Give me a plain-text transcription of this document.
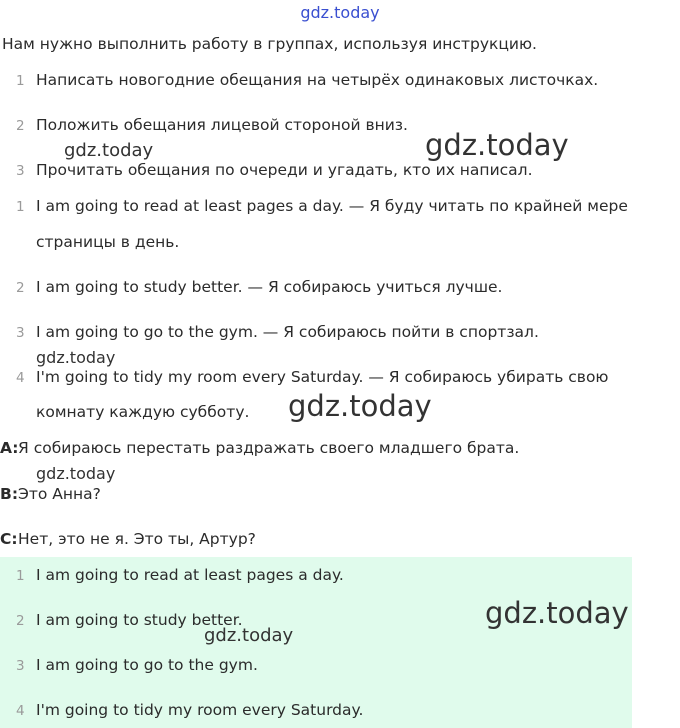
gdz.today
Нам нужно выполнить работу в группах, используя инструкцию.
1 Написать новогодние обещания на четырёх одинаковых листочках.
2 Положить обещания лицевой стороной вниз.
3 Прочитать обещания по очереди и угадать, кто их написал.
1 I am going to read at least pages a day. — Я буду читать по крайней мере
страницы в день.
2 I am going to study better. — Я собираюсь учиться лучше.
3 I am going to go to the gym. — Я собираюсь пойти в спортзал.
4 I'm going to tidy my room every Saturday. — Я собираюсь убирать свою
комнату каждую субботу.
A: Я собираюсь перестать раздражать своего младшего брата.
B: Это Анна?
C: Нет, это не я. Это ты, Артур?
1 I am going to read at least pages a day.
2 I am going to study better.
3 I am going to go to the gym.
4 I'm going to tidy my room every Saturday.
gdz.today	gdz.today
gdz.today
gdz.today
gdz.today
gdz.today
gdz.today
